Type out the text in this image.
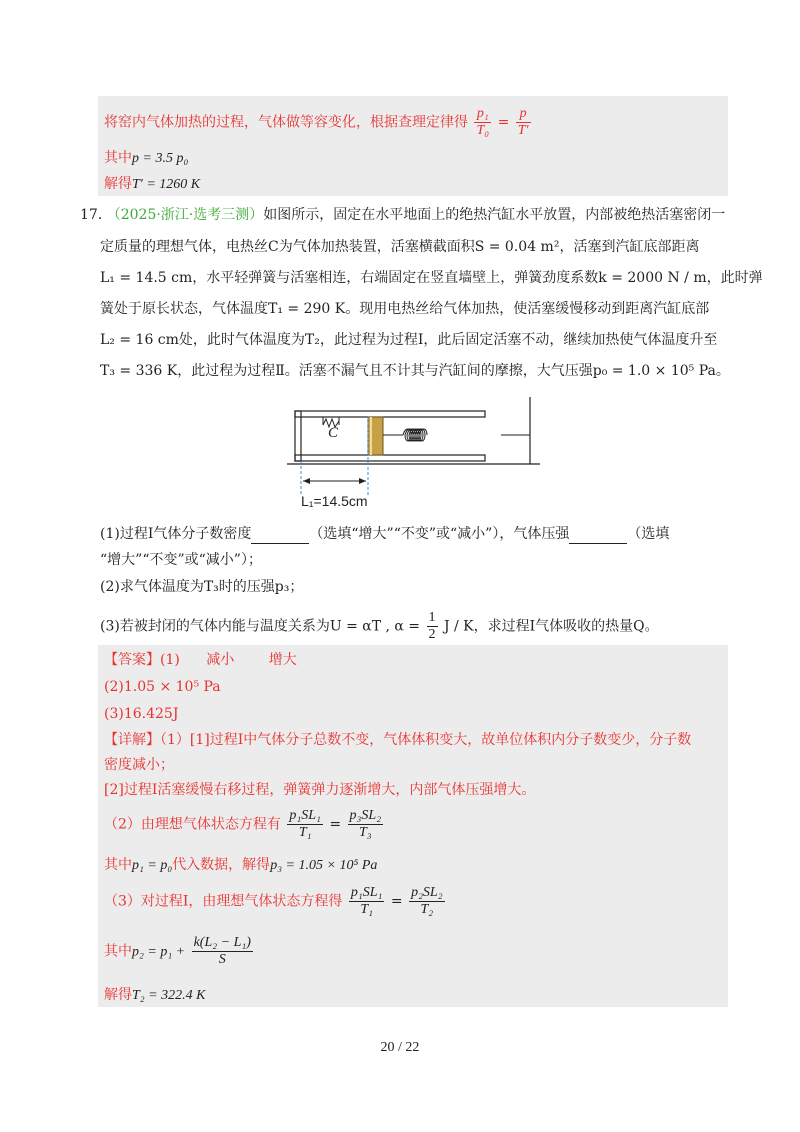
将窑内气体加热的过程，气体做等容变化，根据查理定律得 $\frac{\text{p₁}}{\text{T₀}} = \frac{p}{T'}$
其中p = 3.5 p₀
解得T′ = 1260 K
17. （2025·浙江·选考三测）如图所示，固定在水平地面上的绝热汽缸水平放置，内部被绝热活塞密闭一
定质量的理想气体，电热丝C为气体加热装置，活塞横截面积S = 0.04 m²，活塞到汽缸底部距离
L₁ = 14.5 cm，水平轻弹簧与活塞相连，右端固定在竖直墙壁上，弹簧劲度系数k = 2000 N / m，此时弹
簧处于原长状态，气体温度T₁ = 290 K。现用电热丝给气体加热，使活塞缓慢移动到距离汽缸底部
L₂ = 16 cm处，此时气体温度为T₂，此过程为过程Ⅰ，此后固定活塞不动，继续加热使气体温度升至
T₃ = 336 K，此过程为过程Ⅱ。活塞不漏气且不计其与汽缸间的摩擦，大气压强p₀ = 1.0 × 10⁵ Pa。
C
L₁=14.5cm
(1)过程Ⅰ气体分子数密度	（选填“增大”“不变”或“减小”），气体压强	（选填
“增大”“不变”或“减小”）；
(2)求气体温度为T₃时的压强p₃；
(3)若被封闭的气体内能与温度关系为U = αT , $\alpha = \frac{1}{2}$ J / K，求过程Ⅰ气体吸收的热量Q。
【答案】(1) 减小 增大
(2)1.05 × 10⁵ Pa
(3)16.425J
【详解】（1）[1]过程Ⅰ中气体分子总数不变，气体体积变大，故单位体积内分子数变少，分子数
密度减小；
[2]过程Ⅰ活塞缓慢右移过程，弹簧弹力逐渐增大，内部气体压强增大。
（2）由理想气体状态方程有 $\frac{\text{p₁SL₁}}{\text{T₁}} = \frac{\text{p₃SL₂}}{\text{T₃}}$
其中p₁ = p₀代入数据，解得p₃ = 1.05 × 10⁵ Pa
（3）对过程Ⅰ，由理想气体状态方程得 $\frac{\text{p₁SL₁}}{\text{T₁}} = \frac{\text{p₂SL₂}}{\text{T₂}}$
其中$p_2 = p_1 + \frac{\text{k(L₂ − L₁)}}{S}$
解得T₂ = 322.4 K
20 / 22
